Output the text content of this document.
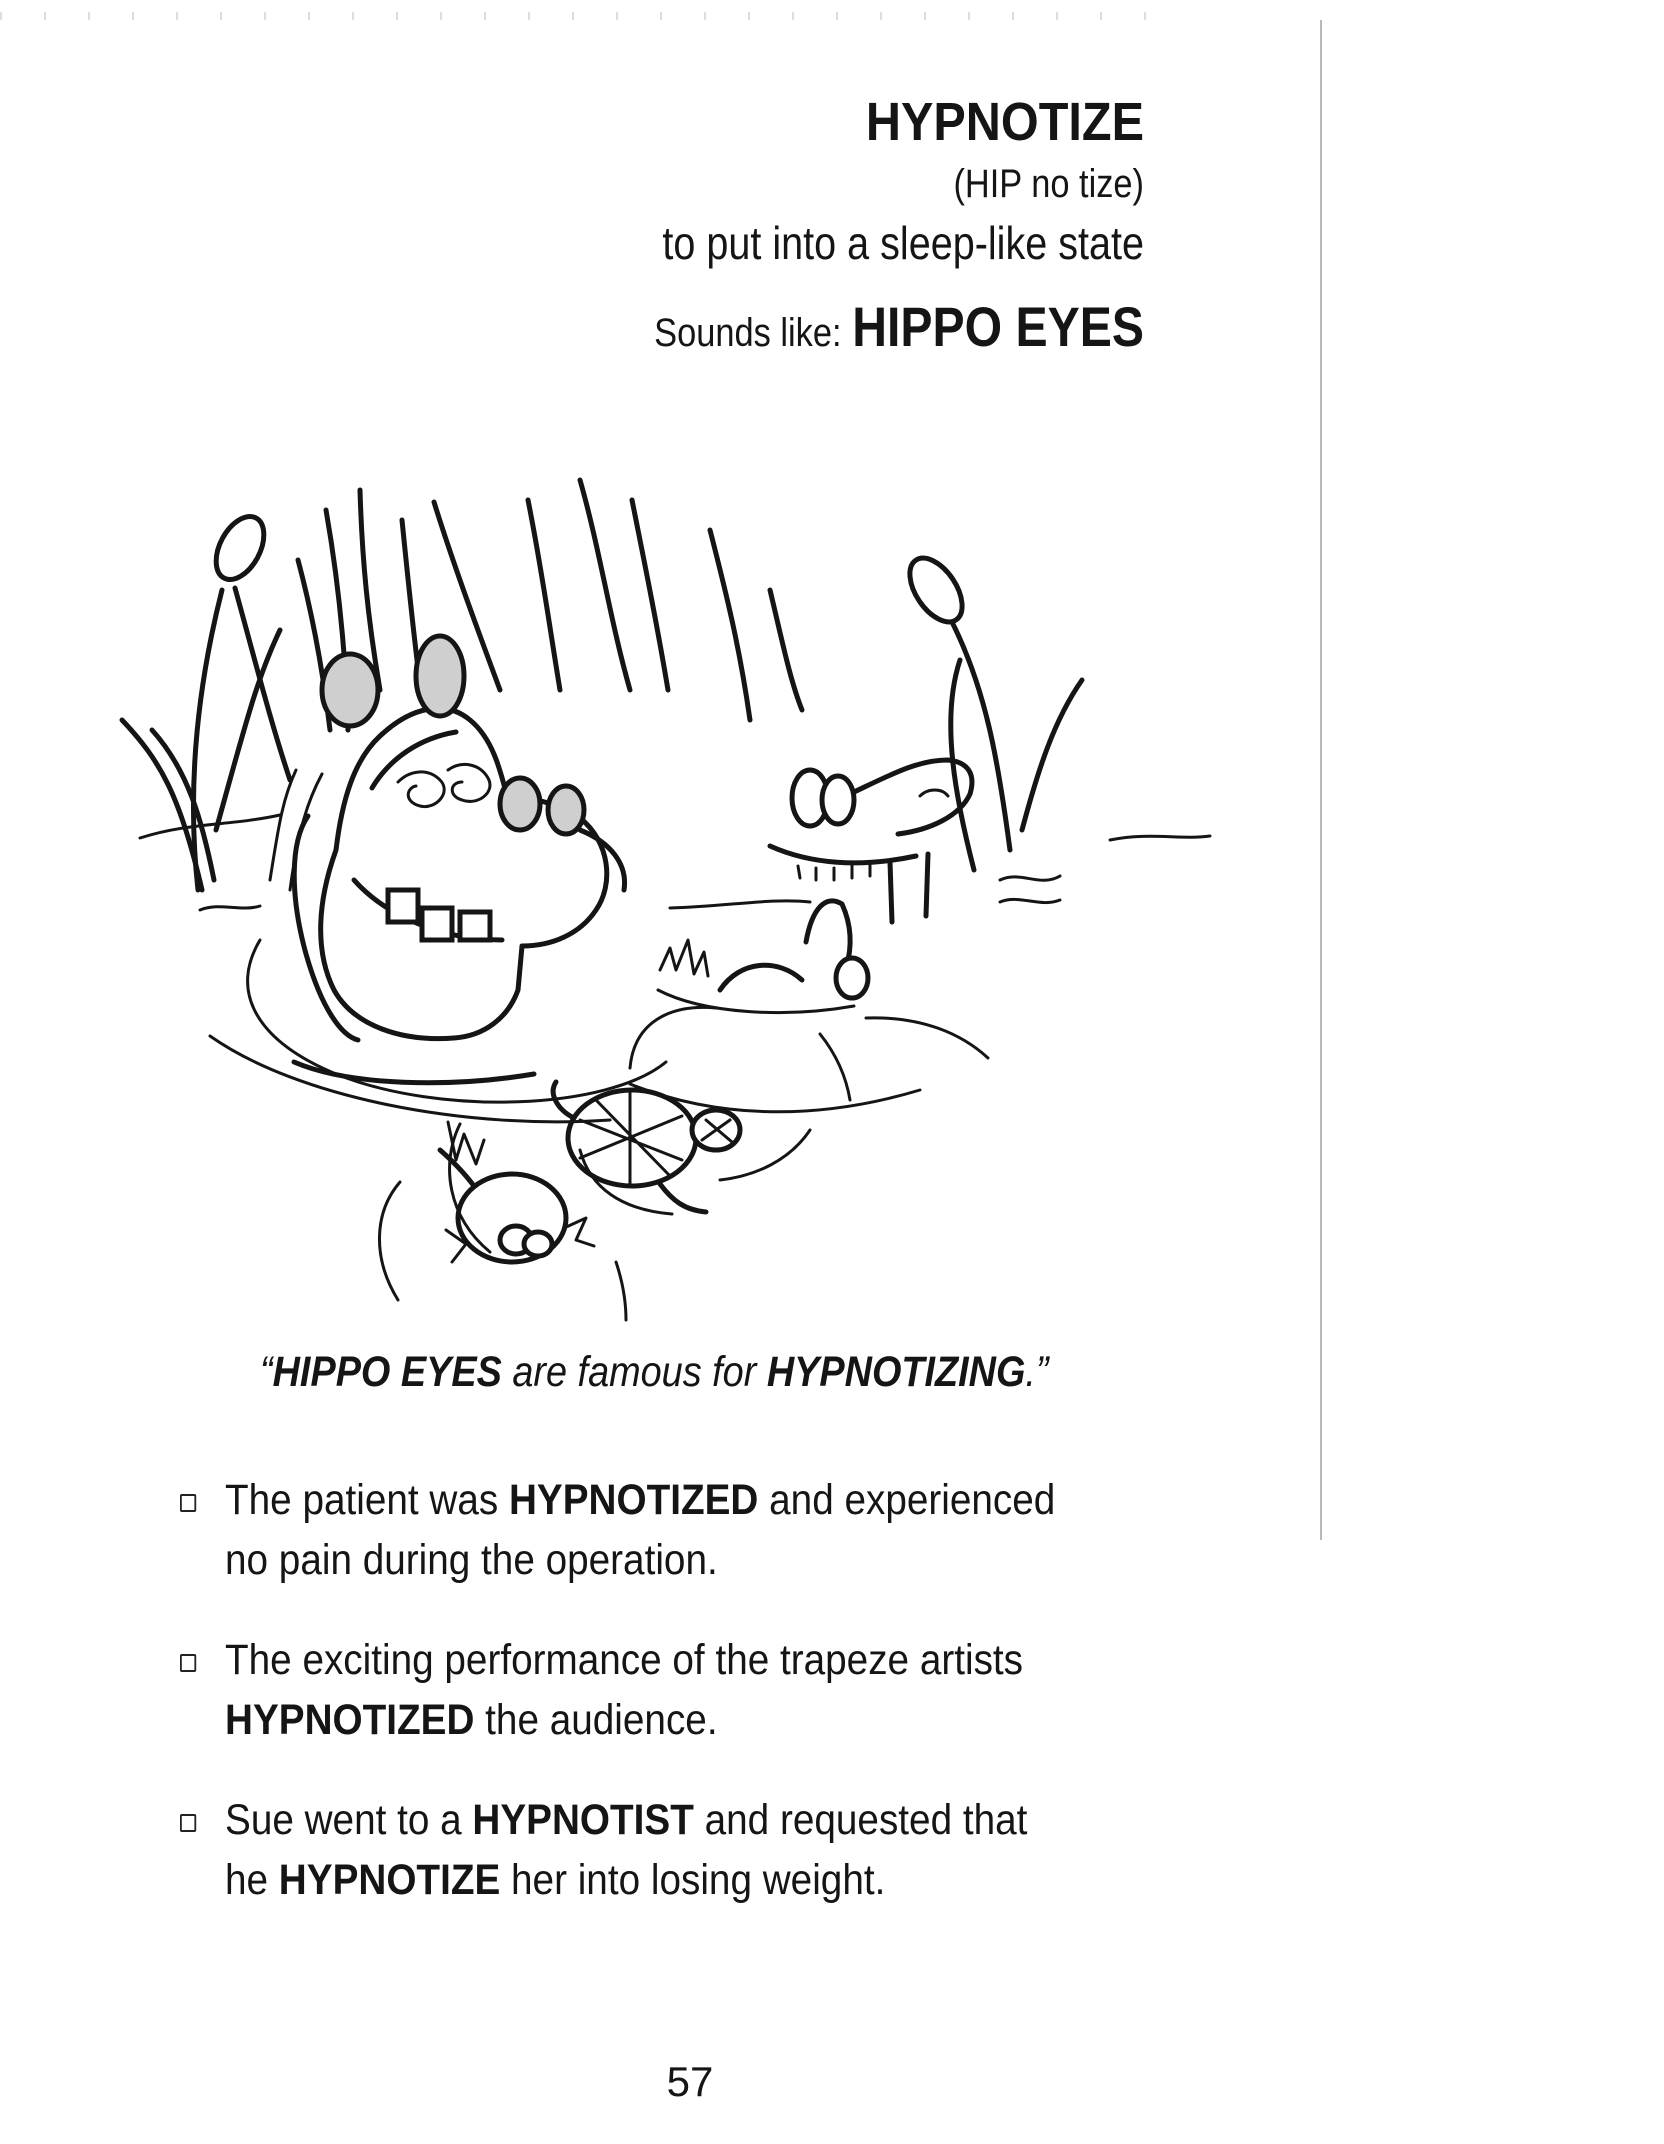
HYPNOTIZE
(HIP no tize)
to put into a sleep-like state
Sounds like: HIPPO EYES
“HIPPO EYES are famous for HYPNOTIZING.”
The patient was HYPNOTIZED and experienced no pain during the operation.
The exciting performance of the trapeze artists HYPNOTIZED the audience.
Sue went to a HYPNOTIST and requested that he HYPNOTIZE her into losing weight.
57
